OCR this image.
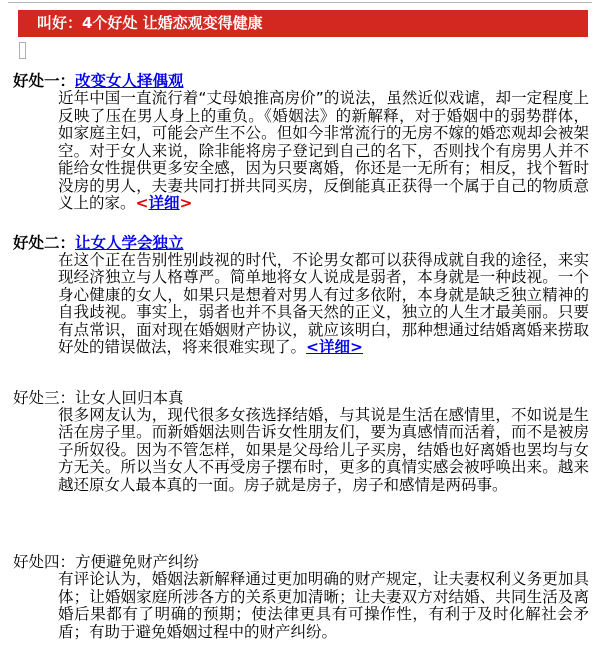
叫好：4个好处 让婚恋观变得健康
好处一：改变女人择偶观

近年中国一直流行着“丈母娘推高房价”的说法，虽然近似戏谑，却一定程度上反映了压在男人身上的重负。《婚姻法》的新解释，对于婚姻中的弱势群体，如家庭主妇，可能会产生不公。但如今非常流行的无房不嫁的婚恋观却会被架空。对于女人来说，除非能将房子登记到自己的名下，否则找个有房男人并不能给女性提供更多安全感，因为只要离婚，你还是一无所有；相反，找个暂时没房的男人，夫妻共同打拼共同买房，反倒能真正获得一个属于自己的物质意义上的家。<详细>

好处二：让女人学会独立

在这个正在告别性别歧视的时代，不论男女都可以获得成就自我的途径，来实现经济独立与人格尊严。简单地将女人说成是弱者，本身就是一种歧视。一个身心健康的女人，如果只是想着对男人有过多依附，本身就是缺乏独立精神的自我歧视。事实上，弱者也并不具备天然的正义，独立的人生才最美丽。只要有点常识，面对现在婚姻财产协议，就应该明白，那种想通过结婚离婚来捞取好处的错误做法，将来很难实现了。<详细>

好处三：让女人回归本真

很多网友认为，现代很多女孩选择结婚，与其说是生活在感情里，不如说是生活在房子里。而新婚姻法则告诉女性朋友们，要为真感情而活着，而不是被房子所奴役。因为不管怎样，如果是父母给儿子买房，结婚也好离婚也罢均与女方无关。所以当女人不再受房子摆布时，更多的真情实感会被呼唤出来。越来越还原女人最本真的一面。房子就是房子，房子和感情是两码事。

好处四：方便避免财产纠纷

有评论认为，婚姻法新解释通过更加明确的财产规定，让夫妻权利义务更加具体；让婚姻家庭所涉各方的关系更加清晰；让夫妻双方对结婚、共同生活及离婚后果都有了明确的预期；使法律更具有可操作性，有利于及时化解社会矛盾；有助于避免婚姻过程中的财产纠纷。
